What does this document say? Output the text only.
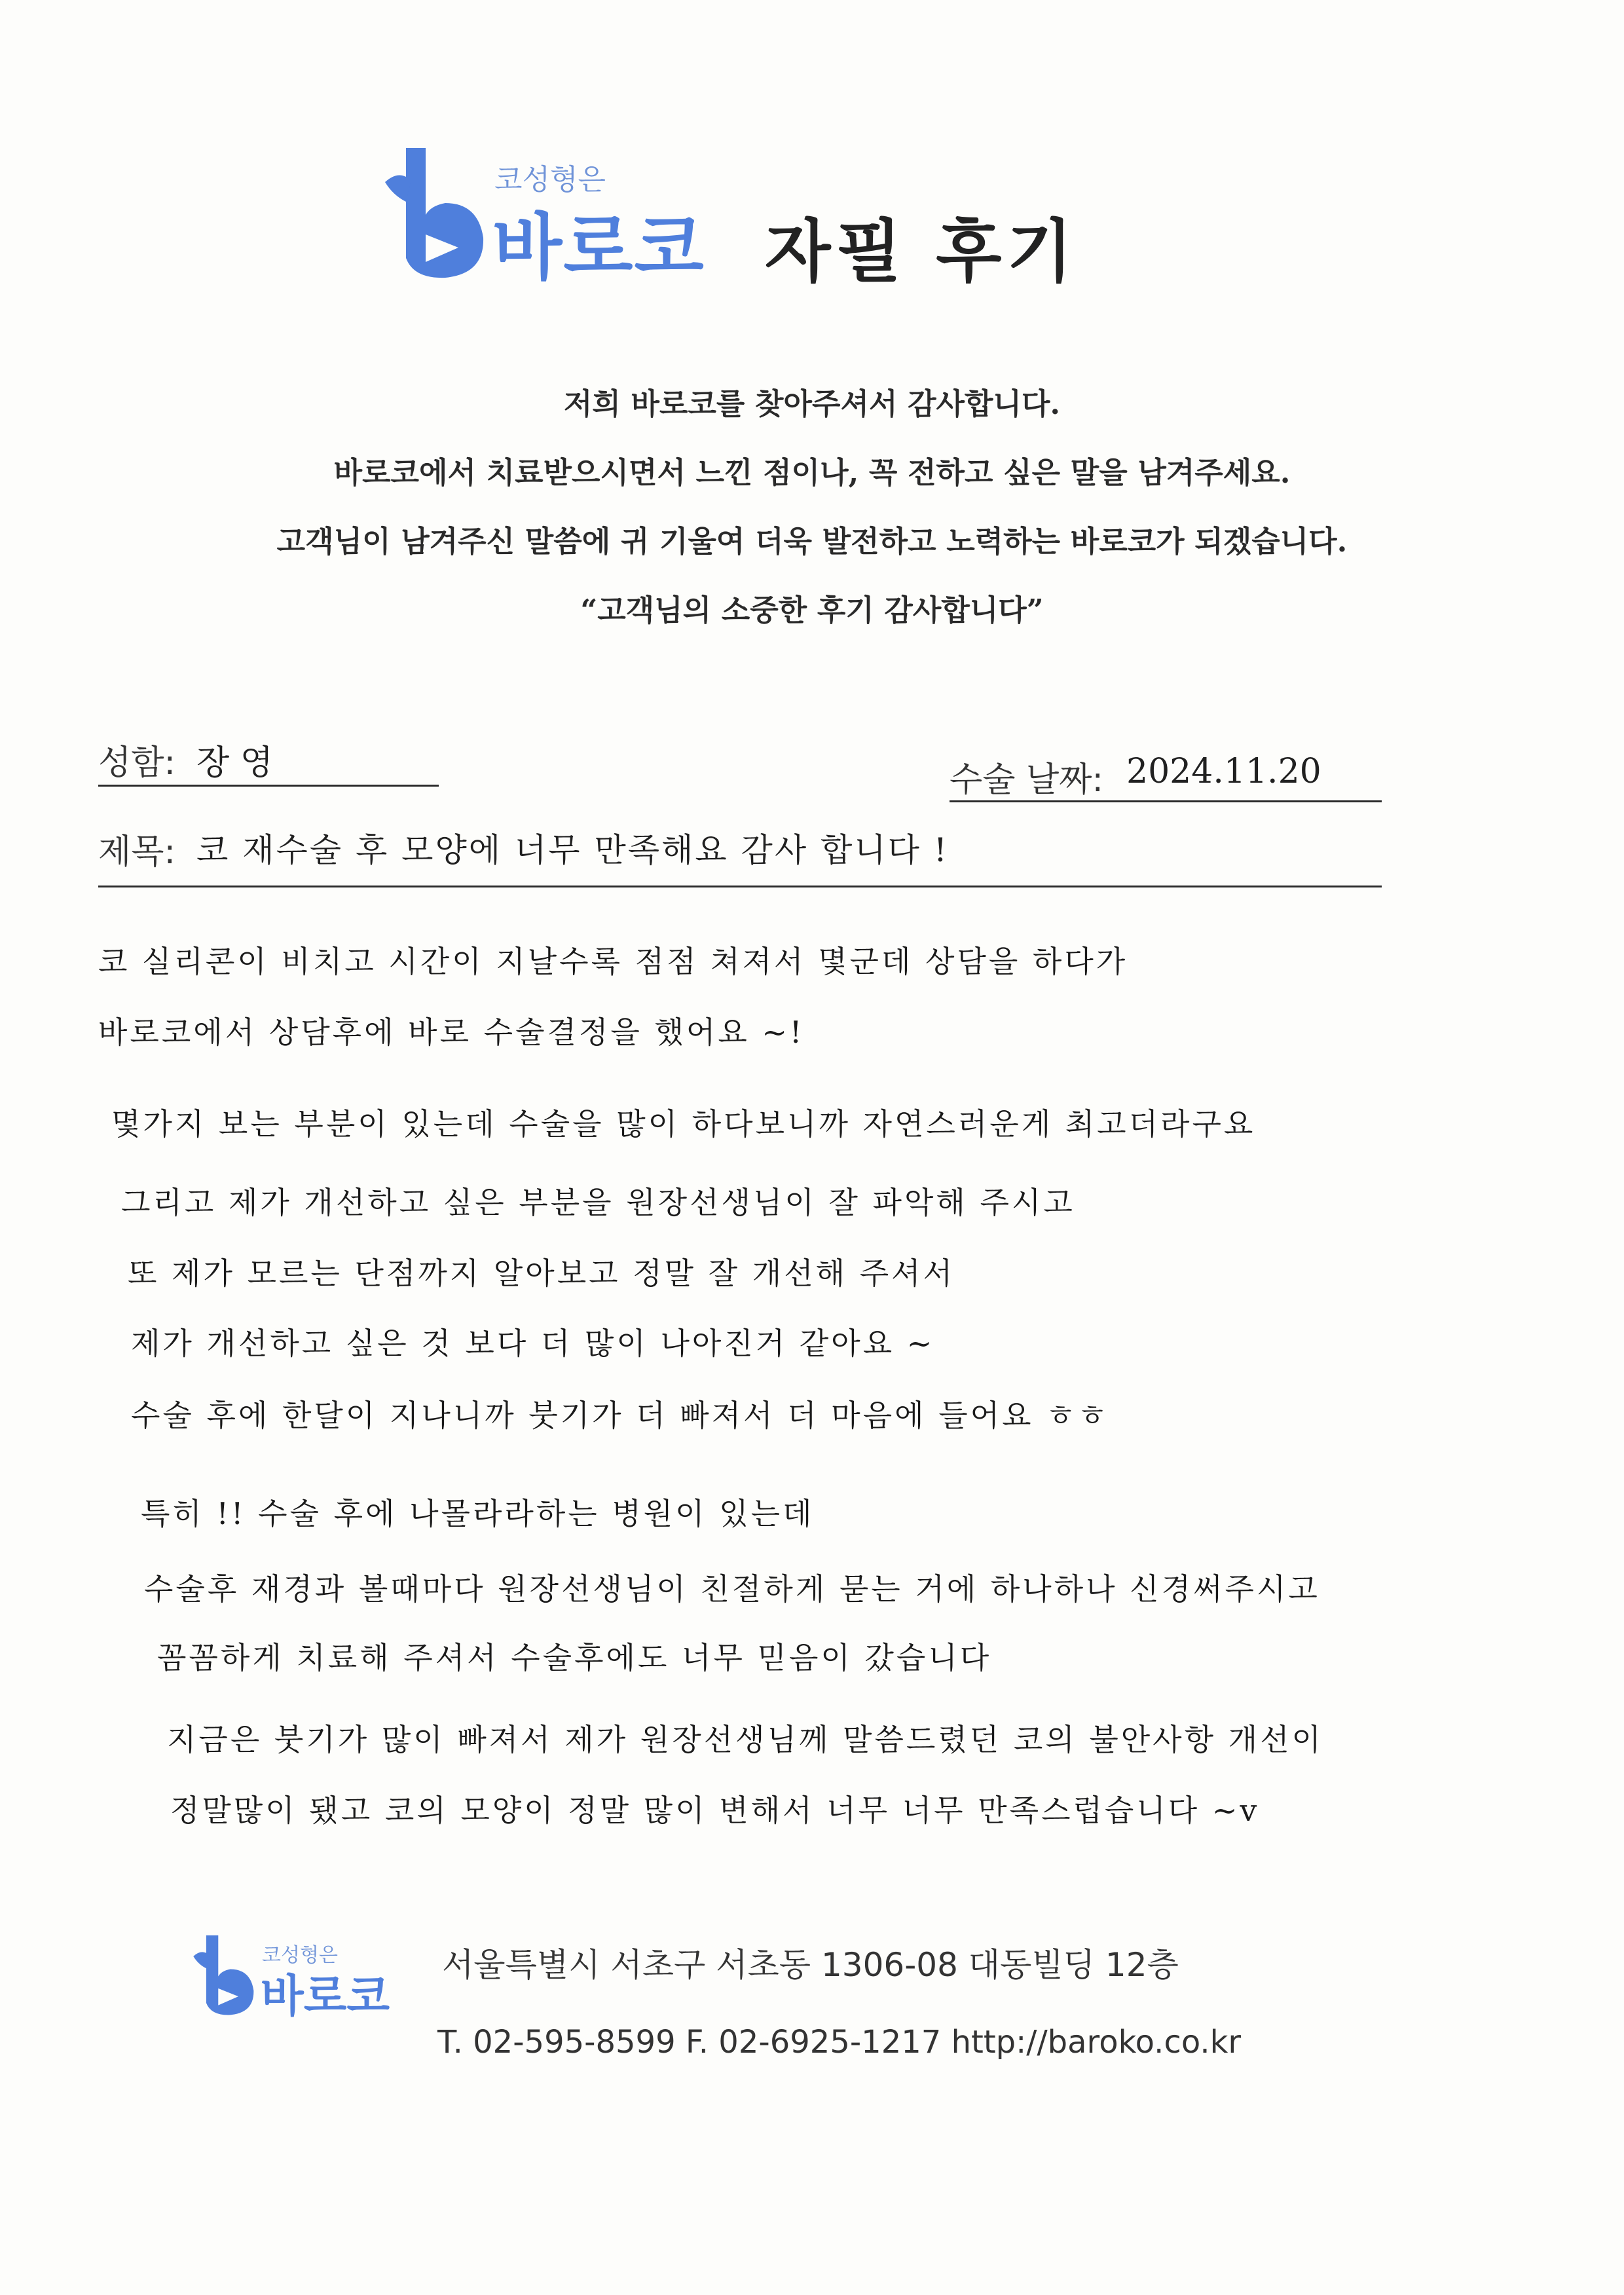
코성형은
바로코 자필 후기
저희 바로코를 찾아주셔서 감사합니다.
바로코에서 치료받으시면서 느낀 점이나, 꼭 전하고 싶은 말을 남겨주세요.
고객님이 남겨주신 말씀에 귀 기울여 더욱 발전하고 노력하는 바로코가 되겠습니다.
“고객님의 소중한 후기 감사합니다”
성함: 장 영	수술 날짜: 2024.11.20
제목: 코 재수술 후 모양에 너무 만족해요 감사 합니다 !
코 실리콘이 비치고 시간이 지날수록 점점 쳐져서 몇군데 상담을 하다가
바로코에서 상담후에 바로 수술결정을 했어요 ~!
몇가지 보는 부분이 있는데 수술을 많이 하다보니까 자연스러운게 최고더라구요
그리고 제가 개선하고 싶은 부분을 원장선생님이 잘 파악해 주시고
또 제가 모르는 단점까지 알아보고 정말 잘 개선해 주셔서
제가 개선하고 싶은 것 보다 더 많이 나아진거 같아요 ~
수술 후에 한달이 지나니까 붓기가 더 빠져서 더 마음에 들어요 ㅎㅎ
특히 !! 수술 후에 나몰라라하는 병원이 있는데
수술후 재경과 볼때마다 원장선생님이 친절하게 묻는 거에 하나하나 신경써주시고
꼼꼼하게 치료해 주셔서 수술후에도 너무 믿음이 갔습니다
지금은 붓기가 많이 빠져서 제가 원장선생님께 말씀드렸던 코의 불안사항 개선이
정말많이 됐고 코의 모양이 정말 많이 변해서 너무 너무 만족스럽습니다 ~v
코성형은
바로코
서울특별시 서초구 서초동 1306-08 대동빌딩 12층
T. 02-595-8599 F. 02-6925-1217 http://baroko.co.kr
